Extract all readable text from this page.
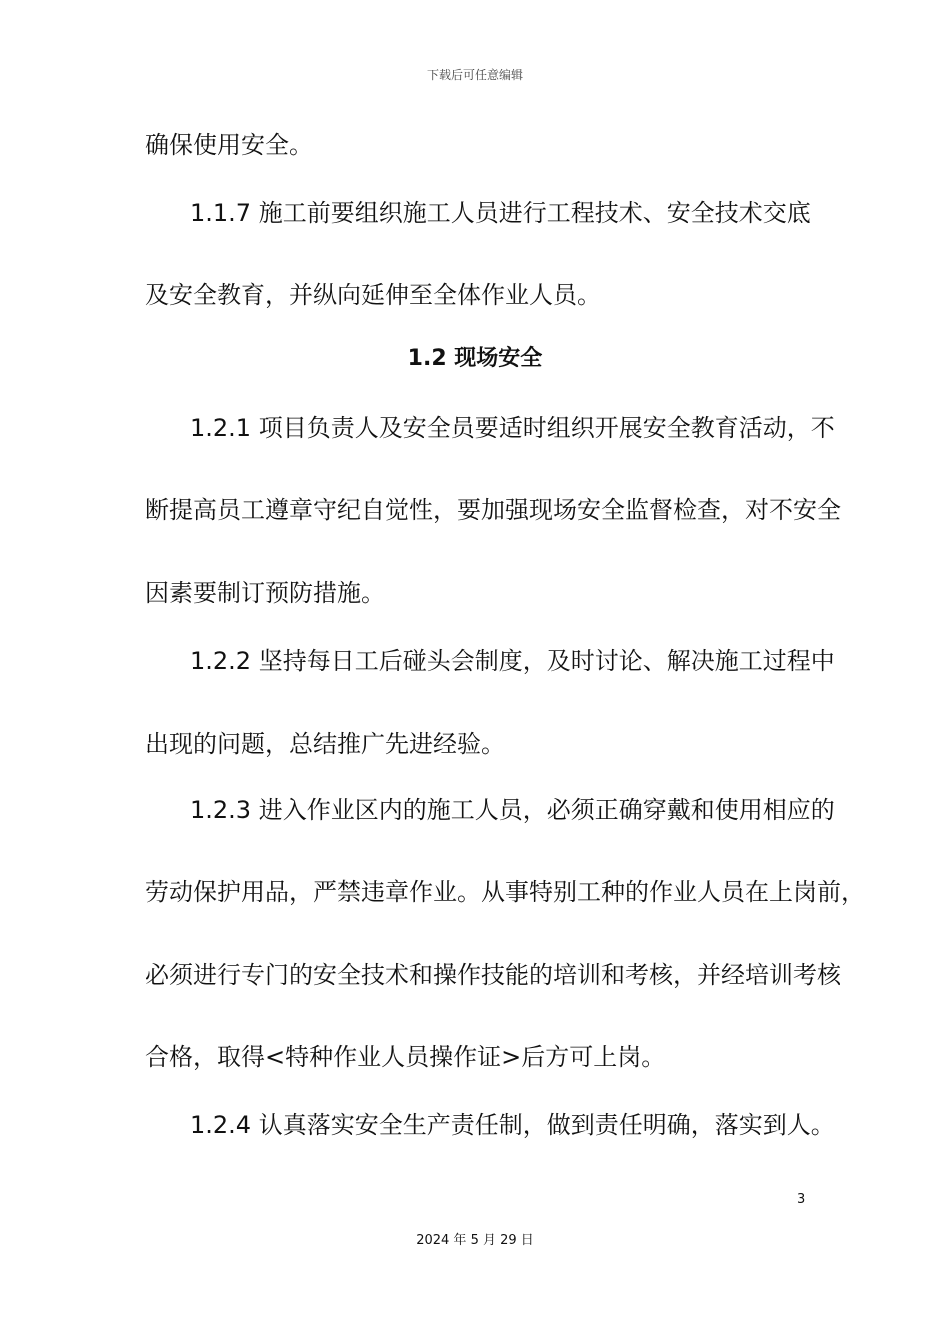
下载后可任意编辑
确保使用安全。
1.1.7 施工前要组织施工人员进行工程技术、安全技术交底
及安全教育，并纵向延伸至全体作业人员。
1.2 现场安全
1.2.1 项目负责人及安全员要适时组织开展安全教育活动，不
断提高员工遵章守纪自觉性，要加强现场安全监督检查，对不安全
因素要制订预防措施。
1.2.2 坚持每日工后碰头会制度，及时讨论、解决施工过程中
出现的问题，总结推广先进经验。
1.2.3 进入作业区内的施工人员，必须正确穿戴和使用相应的
劳动保护用品，严禁违章作业。从事特别工种的作业人员在上岗前，
必须进行专门的安全技术和操作技能的培训和考核，并经培训考核
合格，取得<特种作业人员操作证>后方可上岗。
1.2.4 认真落实安全生产责任制，做到责任明确，落实到人。
3
2024 年 5 月 29 日
